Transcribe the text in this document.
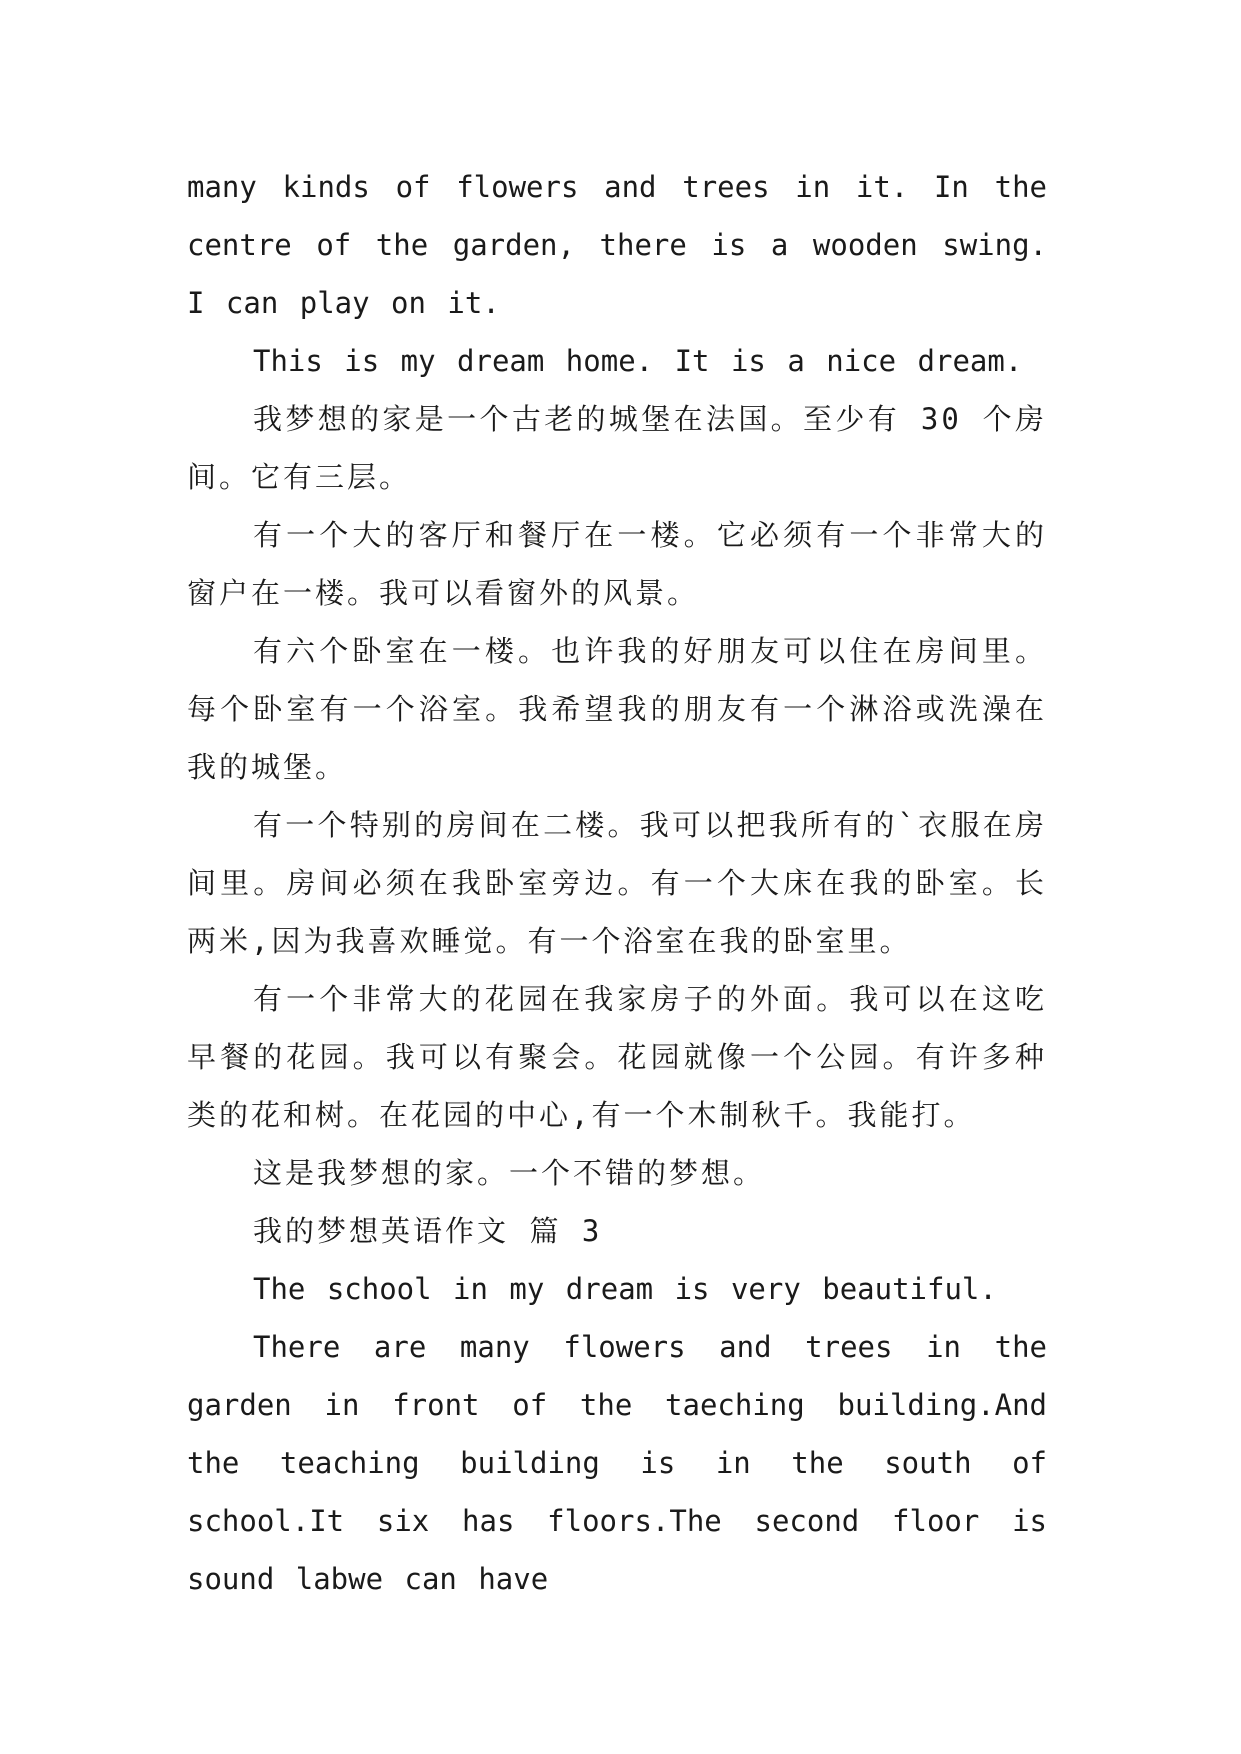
many kinds of flowers and trees in it. In the centre of the garden, there is a wooden swing. I can play on it.

This is my dream home. It is a nice dream.

我梦想的家是一个古老的城堡在法国。至少有 30 个房间。它有三层。

有一个大的客厅和餐厅在一楼。它必须有一个非常大的窗户在一楼。我可以看窗外的风景。

有六个卧室在一楼。也许我的好朋友可以住在房间里。每个卧室有一个浴室。我希望我的朋友有一个淋浴或洗澡在我的城堡。

有一个特别的房间在二楼。我可以把我所有的`衣服在房间里。房间必须在我卧室旁边。有一个大床在我的卧室。长两米,因为我喜欢睡觉。有一个浴室在我的卧室里。

有一个非常大的花园在我家房子的外面。我可以在这吃早餐的花园。我可以有聚会。花园就像一个公园。有许多种类的花和树。在花园的中心,有一个木制秋千。我能打。

这是我梦想的家。一个不错的梦想。

我的梦想英语作文 篇 3

The school in my dream is very beautiful.

There are many flowers and trees in the garden in front of the taeching building.And the teaching building is in the south of school.It six has floors.The second floor is sound labwe can have
